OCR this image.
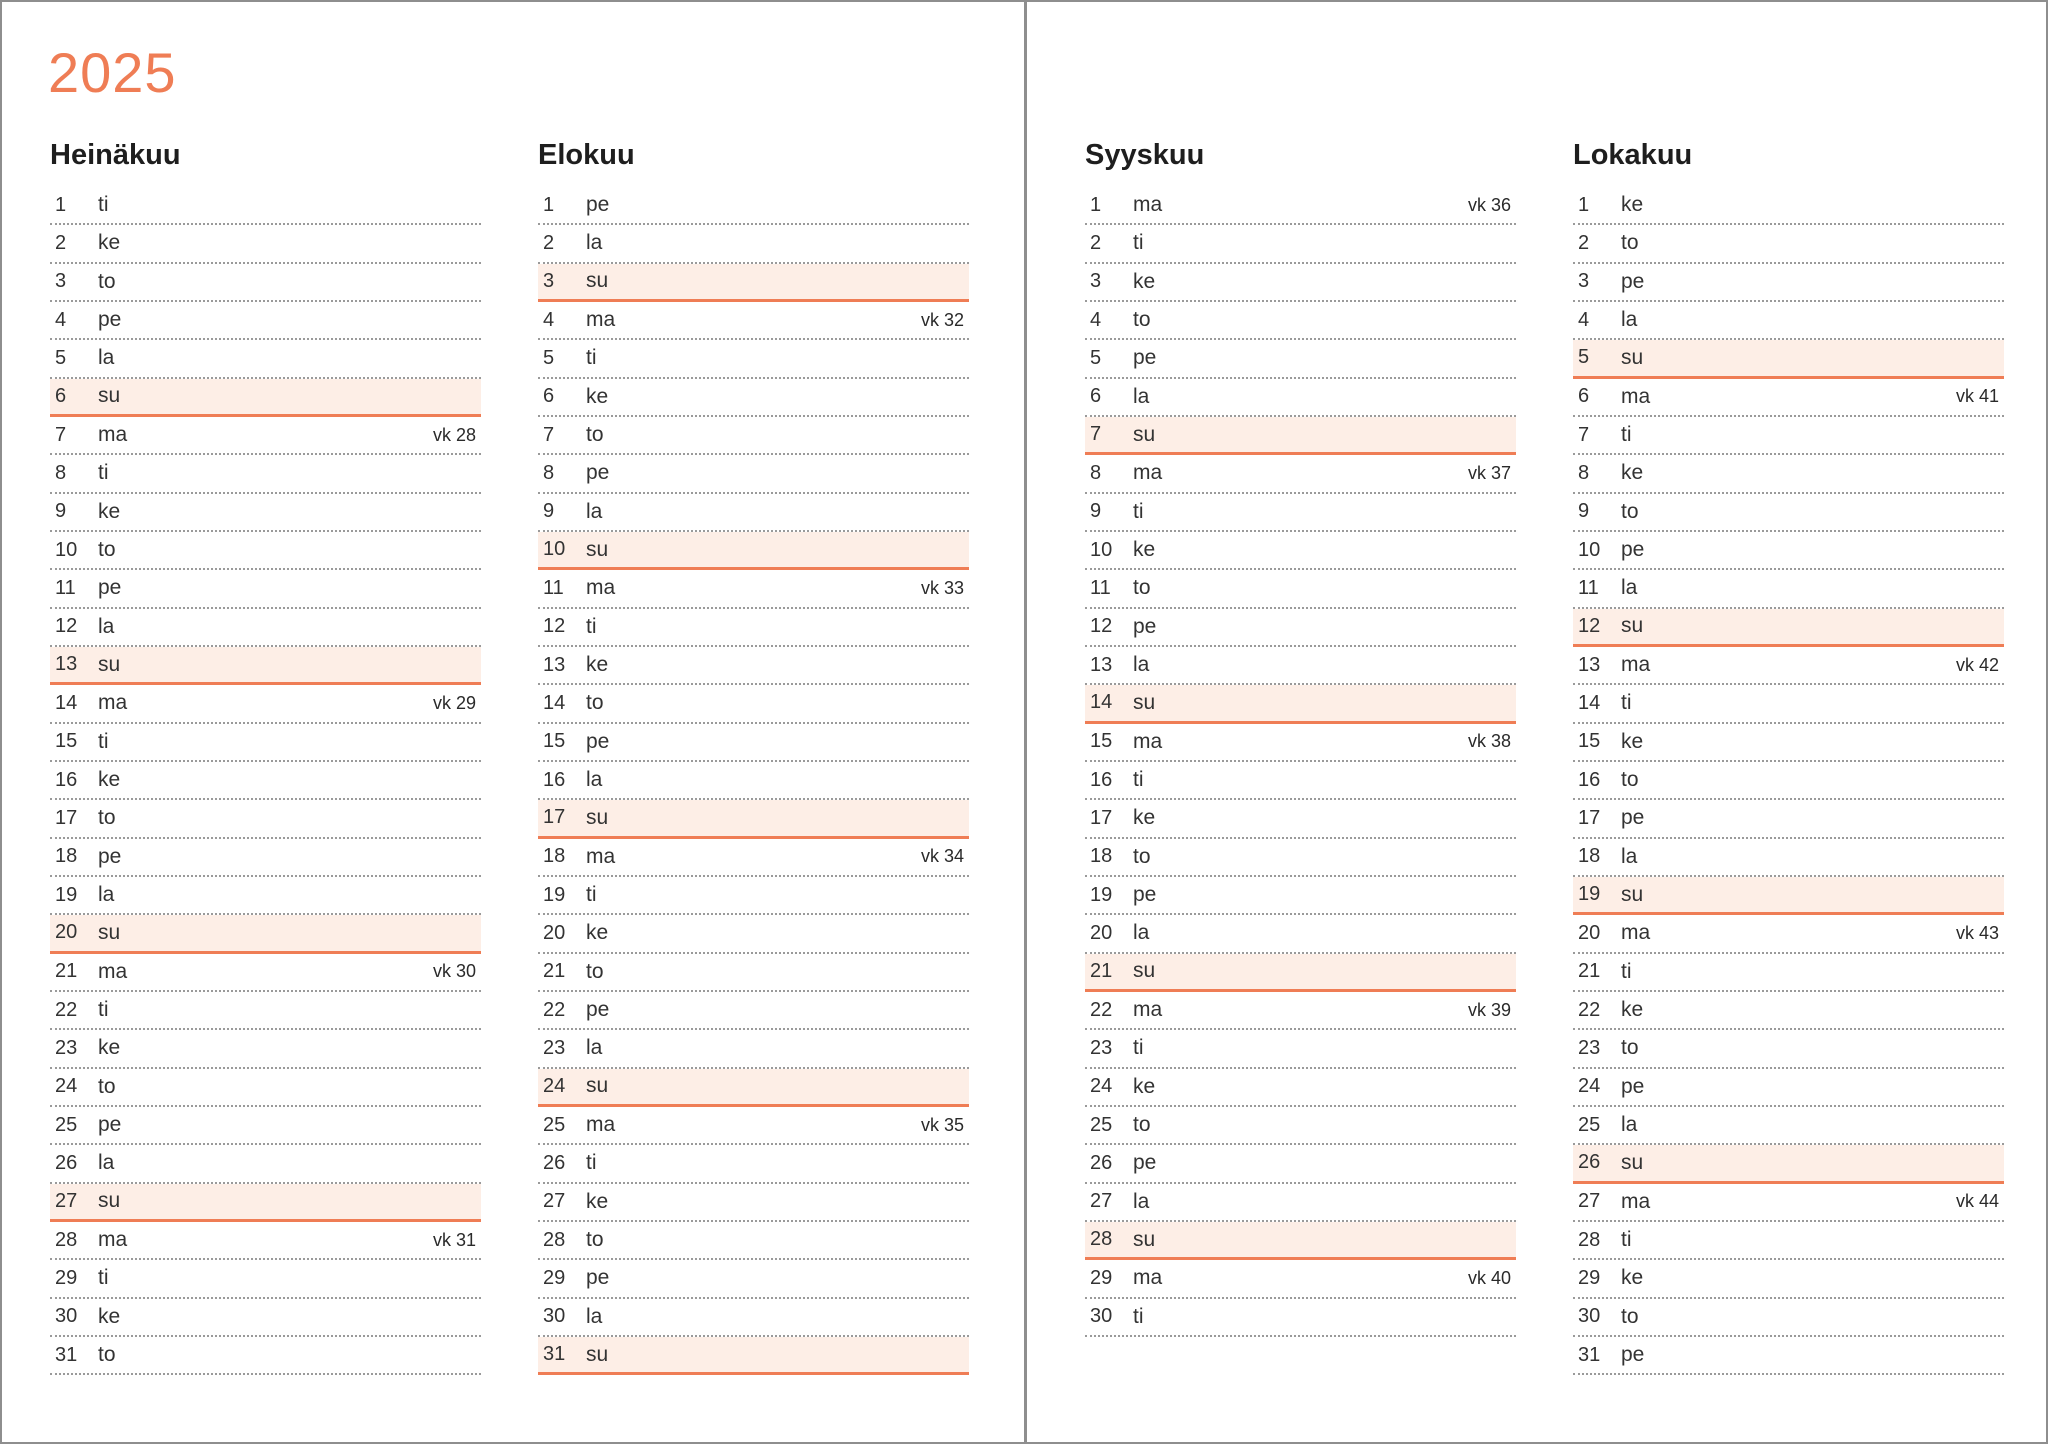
2025
Heinäkuu
1	ti
2	ke
3	to
4	pe
5	la
6	su
7	ma	vk 28
8	ti
9	ke
10 to
11	pe
12 la
13 su
14 ma	vk 29
15 ti
16 ke
17 to
18 pe
19 la
20 su
21 ma	vk 30
22 ti
23 ke
24 to
25 pe
26 la
27 su
28 ma	vk 31
29 ti
30 ke
31 to
Elokuu
1	pe
2	la
3	su
4	ma	vk 32
5	ti
6	ke
7	to
8	pe
9	la
10 su
11	ma	vk 33
12 ti
13 ke
14 to
15 pe
16 la
17 su
18 ma	vk 34
19 ti
20 ke
21 to
22 pe
23 la
24 su
25 ma	vk 35
26 ti
27 ke
28 to
29 pe
30 la
31 su
Syyskuu
1	ma	vk 36
2	ti
3	ke
4	to
5	pe
6	la
7	su
8	ma	vk 37
9	ti
10 ke
11	to
12 pe
13 la
14 su
15 ma	vk 38
16 ti
17 ke
18 to
19 pe
20 la
21 su
22 ma	vk 39
23 ti
24 ke
25 to
26 pe
27 la
28 su
29 ma	vk 40
30 ti
Lokakuu
1	ke
2	to
3	pe
4	la
5	su
6	ma	vk 41
7	ti
8	ke
9	to
10 pe
11	la
12 su
13 ma	vk 42
14 ti
15 ke
16 to
17 pe
18 la
19 su
20 ma	vk 43
21 ti
22 ke
23 to
24 pe
25 la
26 su
27 ma	vk 44
28 ti
29 ke
30 to
31 pe
